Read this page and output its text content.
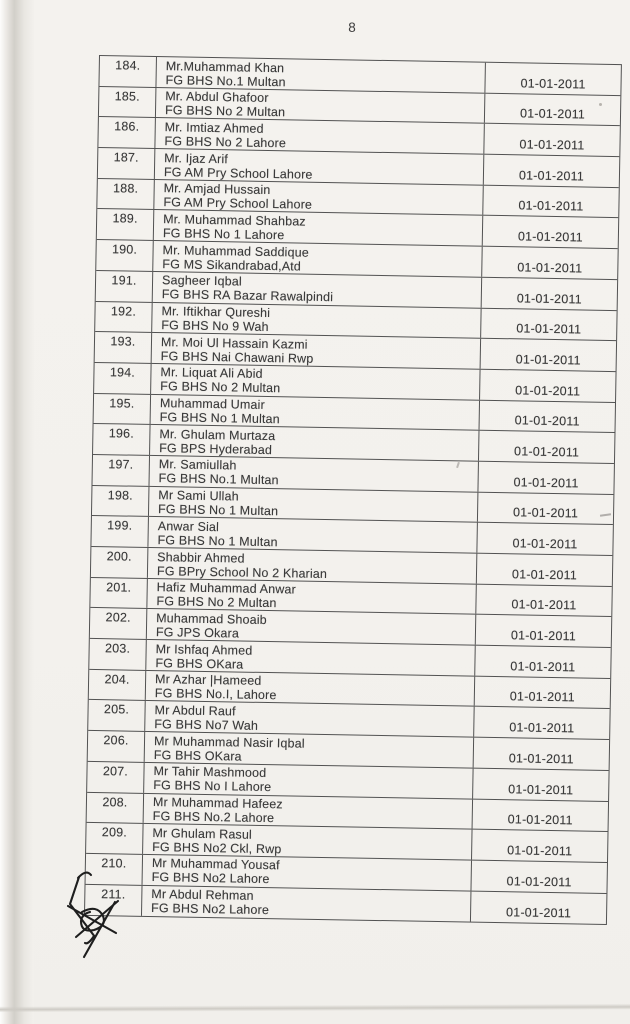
8
184.	Mr.Muhammad Khan
FG BHS No.1 Multan	01-01-2011
185.	Mr. Abdul Ghafoor
FG BHS No 2 Multan	01-01-2011
186.	Mr. Imtiaz Ahmed
FG BHS No 2 Lahore	01-01-2011
187.	Mr. Ijaz Arif
FG AM Pry School Lahore	01-01-2011
188.	Mr. Amjad Hussain
FG AM Pry School Lahore	01-01-2011
189.	Mr. Muhammad Shahbaz
FG BHS No 1 Lahore	01-01-2011
190.	Mr. Muhammad Saddique
FG MS Sikandrabad,Atd	01-01-2011
191.	Sagheer Iqbal
FG BHS RA Bazar Rawalpindi	01-01-2011
192.	Mr. Iftikhar Qureshi
FG BHS No 9 Wah	01-01-2011
193.	Mr. Moi Ul Hassain Kazmi
FG BHS Nai Chawani Rwp	01-01-2011
194.	Mr. Liquat Ali Abid
FG BHS No 2 Multan	01-01-2011
195.	Muhammad Umair
FG BHS No 1 Multan	01-01-2011
196.	Mr. Ghulam Murtaza
FG BPS Hyderabad	01-01-2011
197.	Mr. Samiullah
FG BHS No.1 Multan	01-01-2011
198.	Mr Sami Ullah
FG BHS No 1 Multan	01-01-2011
199.	Anwar Sial
FG BHS No 1 Multan	01-01-2011
200.	Shabbir Ahmed
FG BPry School No 2 Kharian	01-01-2011
201.	Hafiz Muhammad Anwar
FG BHS No 2 Multan	01-01-2011
202.	Muhammad Shoaib
FG JPS Okara	01-01-2011
203.	Mr Ishfaq Ahmed
FG BHS OKara	01-01-2011
204.	Mr Azhar |Hameed
FG BHS No.I, Lahore	01-01-2011
205.	Mr Abdul Rauf
FG BHS No7 Wah	01-01-2011
206.	Mr Muhammad Nasir Iqbal
FG BHS OKara	01-01-2011
207.	Mr Tahir Mashmood
FG BHS No I Lahore	01-01-2011
208.	Mr Muhammad Hafeez
FG BHS No.2 Lahore	01-01-2011
209.	Mr Ghulam Rasul
FG BHS No2 Ckl, Rwp	01-01-2011
210.	Mr Muhammad Yousaf
FG BHS No2 Lahore	01-01-2011
211.	Mr Abdul Rehman
FG BHS No2 Lahore	01-01-2011
